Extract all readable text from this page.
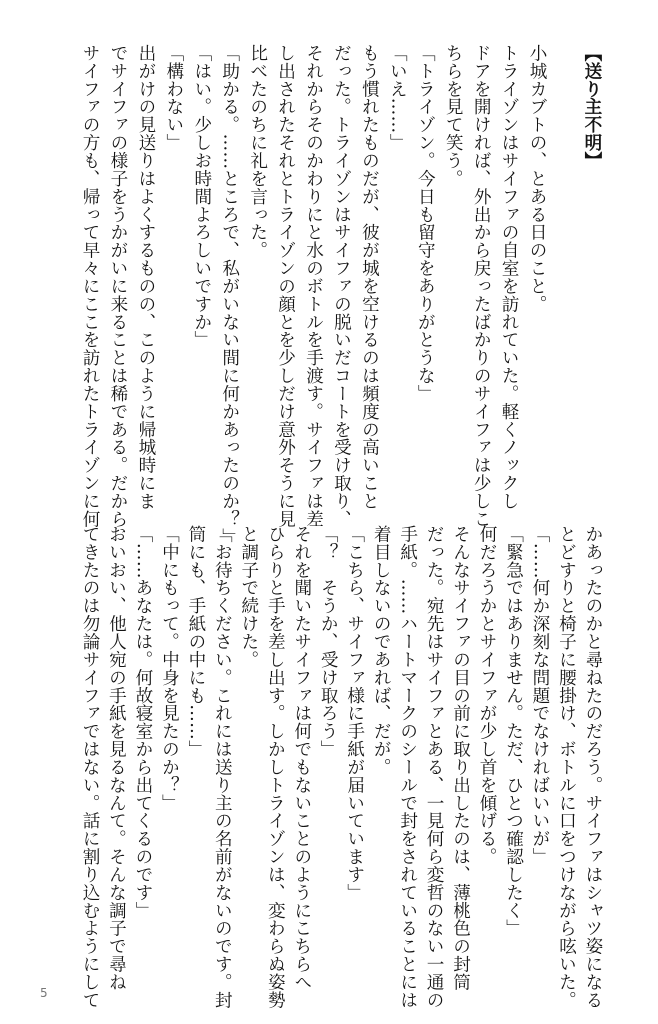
【送り主不明】
小城カブトの、とある日のこと。
トライゾンはサイファの自室を訪れていた。軽くノックし
ドアを開ければ、外出から戻ったばかりのサイファは少しこ
ちらを見て笑う。
「トライゾン。今日も留守をありがとうな」
「いえ……」
もう慣れたものだが、彼が城を空けるのは頻度の高いこと
だった。トライゾンはサイファの脱いだコートを受け取り、
それからそのかわりにと水のボトルを手渡す。サイファは差
し出されたそれとトライゾンの顔とを少しだけ意外そうに見
比べたのちに礼を言った。
「助かる。……ところで、私がいない間に何かあったのか？」
「はい。少しお時間よろしいですか」
「構わない」
出がけの見送りはよくするものの、このように帰城時にま
でサイファの様子をうかがいに来ることは稀である。だから
サイファの方も、帰って早々にここを訪れたトライゾンに何
かあったのかと尋ねたのだろう。サイファはシャツ姿になる
とどすりと椅子に腰掛け、ボトルに口をつけながら呟いた。
「……何か深刻な問題でなければいいが」
「緊急ではありません。ただ、ひとつ確認したく」
何だろうかとサイファが少し首を傾げる。
そんなサイファの目の前に取り出したのは、薄桃色の封筒
だった。宛先はサイファとある、一見何ら変哲のない一通の
手紙。……ハートマークのシールで封をされていることには
着目しないのであれば、だが。
「こちら、サイファ様に手紙が届いています」
「？　そうか、受け取ろう」
それを聞いたサイファは何でもないことのようにこちらへ
ひらりと手を差し出す。しかしトライゾンは、変わらぬ姿勢
と調子で続けた。
「お待ちください。これには送り主の名前がないのです。封
筒にも、手紙の中にも……」
「中にもって。中身を見たのか？」
「……あなたは。何故寝室から出てくるのです」
おいおい、他人宛の手紙を見るなんて。そんな調子で尋ね
てきたのは勿論サイファではない。話に割り込むようにして
5
